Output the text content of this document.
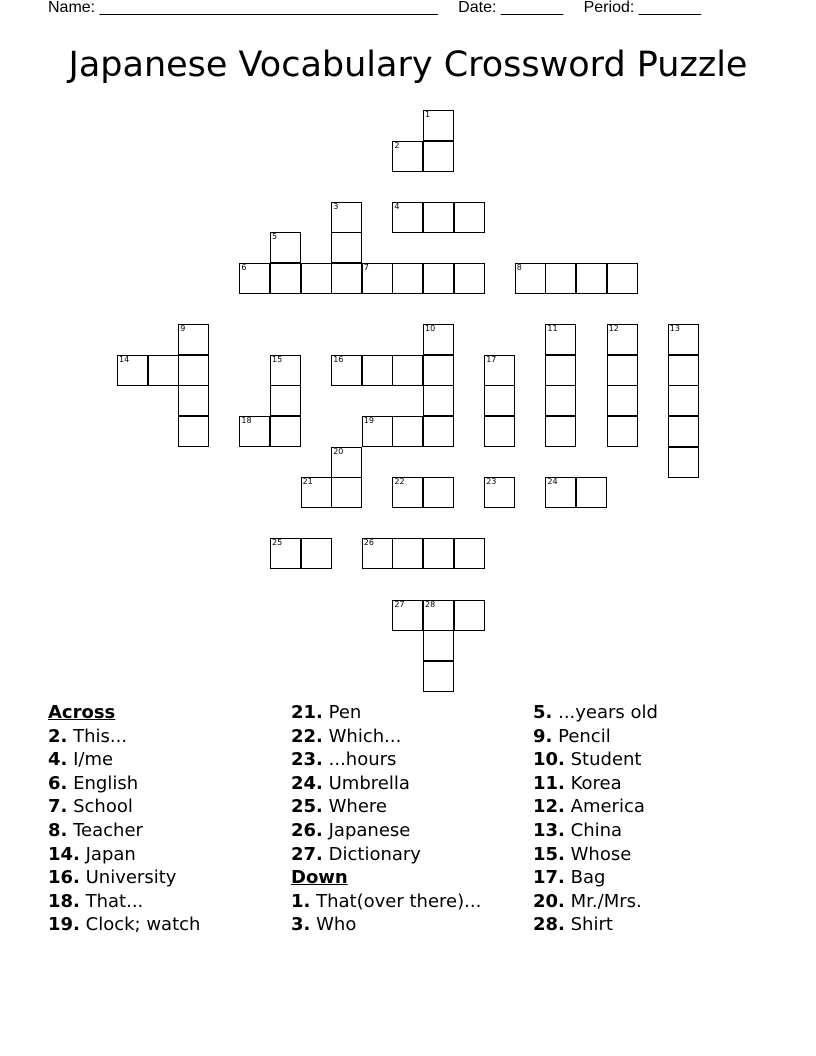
Name: ______________________________________ Date: _______ Period: _______
Japanese Vocabulary Crossword Puzzle
1
2
3	4
5
6	7	8
9	10	11	12	13
14	15	16	17
18	19
20
21	22	23	24
25	26
27	28
Across
2. This...
4. I/me
6. English
7. School
8. Teacher
14. Japan
16. University
18. That...
19. Clock; watch
Down
21. Pen
22. Which...
23. ...hours
24. Umbrella
25. Where
26. Japanese
27. Dictionary
1. That(over there)...
3. Who
5. ...years old
9. Pencil
10. Student
11. Korea
12. America
13. China
15. Whose
17. Bag
20. Mr./Mrs.
28. Shirt
